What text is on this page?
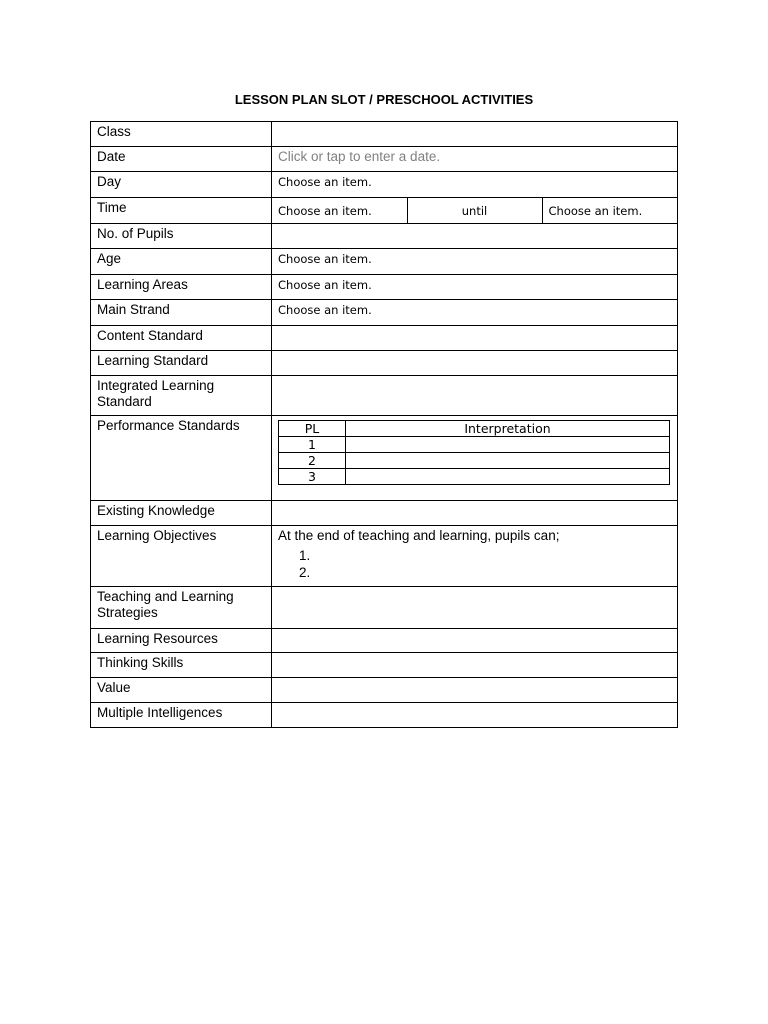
LESSON PLAN SLOT / PRESCHOOL ACTIVITIES
Class	
Date	Click or tap to enter a date.
Day	Choose an item.
Time		Choose an item.	until	Choose an item.

No. of Pupils	
Age	Choose an item.
Learning Areas	Choose an item.
Main Strand	Choose an item.
Content Standard	
Learning Standard	
Integrated Learning Standard	
Performance Standards		PL	Interpretation
1	
2	
3	

Existing Knowledge	
Learning Objectives	At the end of teaching and learning, pupils can;
1.
2.

Teaching and Learning Strategies	
Learning Resources	
Thinking Skills	
Value	
Multiple Intelligences	
